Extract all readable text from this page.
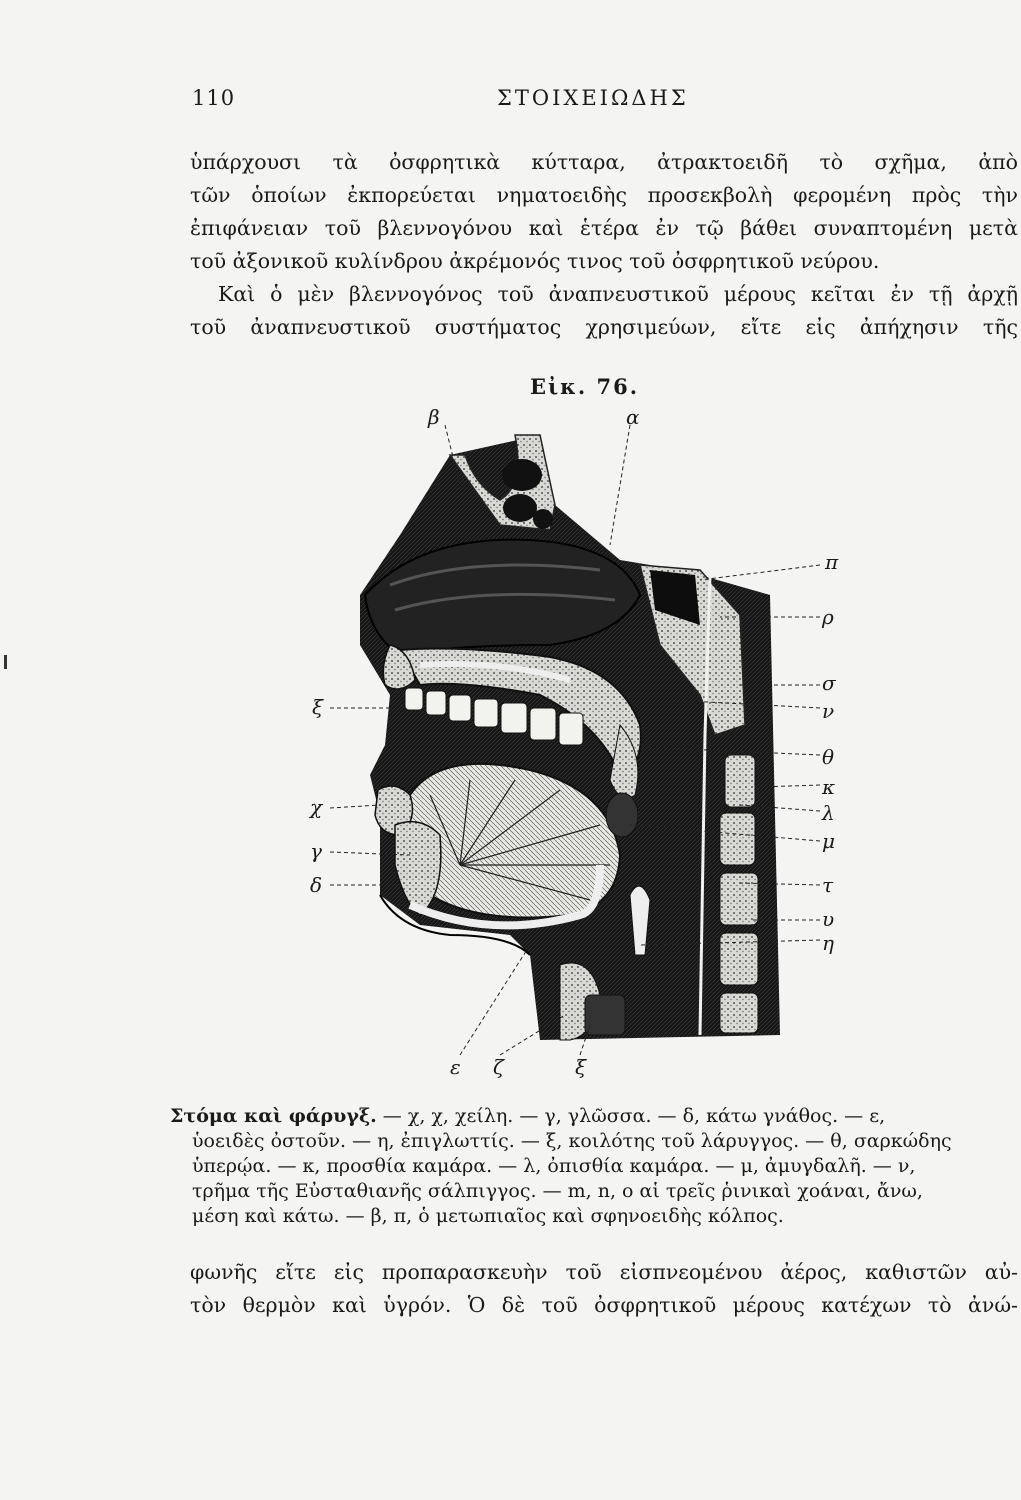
110	ΣΤΟΙΧΕΙΩΔΗΣ
ὑπάρχουσι τὰ ὀσφρητικὰ κύτταρα, ἀτρακτοειδῆ τὸ σχῆμα, ἀπὸ
τῶν ὁποίων ἐκπορεύεται νηματοειδὴς προσεκβολὴ φερομένη πρὸς τὴν
ἐπιφάνειαν τοῦ βλεννογόνου καὶ ἑτέρα ἐν τῷ βάθει συναπτομένη μετὰ
τοῦ ἀξονικοῦ κυλίνδρου ἀκρέμονός τινος τοῦ ὀσφρητικοῦ νεύρου.
Καὶ ὁ μὲν βλεννογόνος τοῦ ἀναπνευστικοῦ μέρους κεῖται ἐν τῇ ἀρχῇ
τοῦ ἀναπνευστικοῦ συστήματος χρησιμεύων, εἴτε εἰς ἀπήχησιν τῆς
Εἰκ. 76.
β	α
π
ρ
σ
ν
θ
κ
λ
μ
τ
υ
η
ξ
χ
γ
δ
ε ζ	ξ
Στόμα καὶ φάρυγξ. — χ, χ, χείλη. — γ, γλῶσσα. — δ, κάτω γνάθος. — ε,
ὑοειδὲς ὀστοῦν. — η, ἐπιγλωττίς. — ξ, κοιλότης τοῦ λάρυγγος. — θ, σαρκώδης
ὑπερῴα. — κ, προσθία καμάρα. — λ, ὀπισθία καμάρα. — μ, ἀμυγδαλῆ. — ν,
τρῆμα τῆς Εὐσταθιανῆς σάλπιγγος. — m, n, o αἱ τρεῖς ῥινικαὶ χοάναι, ἄνω,
μέση καὶ κάτω. — β, π, ὁ μετωπιαῖος καὶ σφηνοειδὴς κόλπος.
φωνῆς εἴτε εἰς προπαρασκευὴν τοῦ εἰσπνεομένου ἀέρος, καθιστῶν αὐ-
τὸν θερμὸν καὶ ὑγρόν. Ὁ δὲ τοῦ ὀσφρητικοῦ μέρους κατέχων τὸ ἀνώ-
